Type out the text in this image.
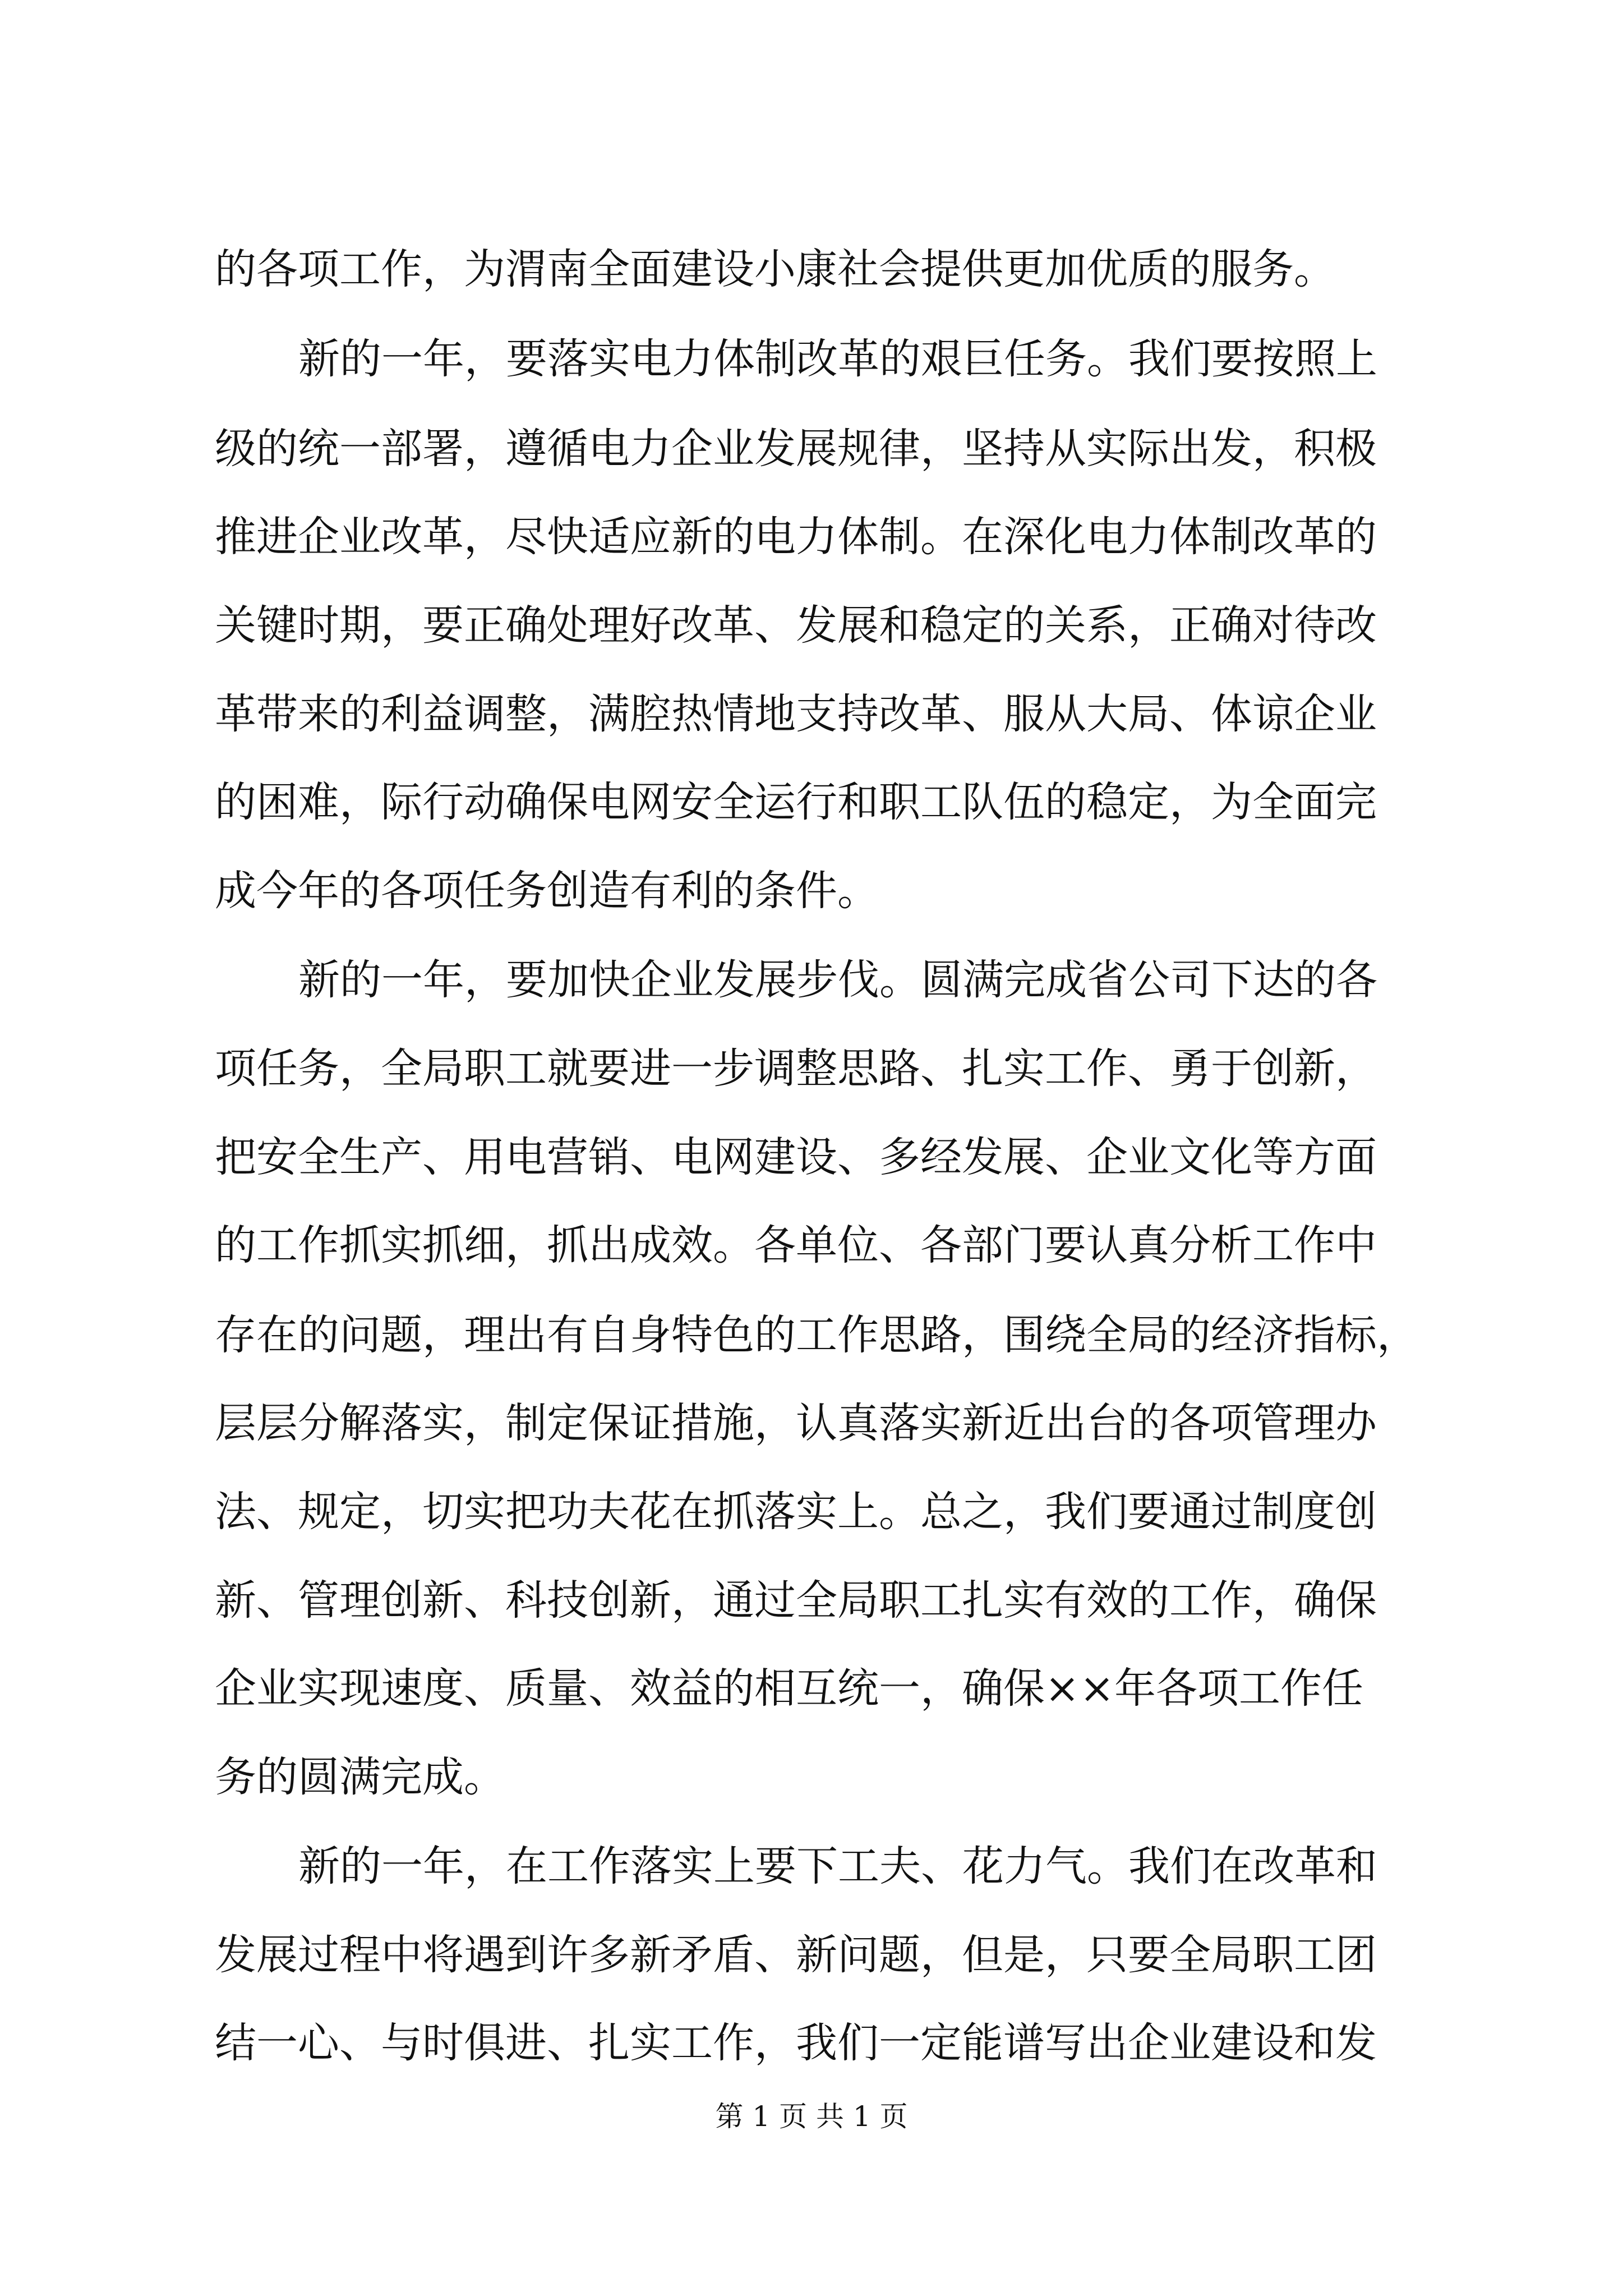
的各项工作，为渭南全面建设小康社会提供更加优质的服务。
新的一年，要落实电力体制改革的艰巨任务。我们要按照上
级的统一部署，遵循电力企业发展规律，坚持从实际出发，积极
推进企业改革，尽快适应新的电力体制。在深化电力体制改革的
关键时期，要正确处理好改革、发展和稳定的关系，正确对待改
革带来的利益调整，满腔热情地支持改革、服从大局、体谅企业
的困难，际行动确保电网安全运行和职工队伍的稳定，为全面完
成今年的各项任务创造有利的条件。
新的一年，要加快企业发展步伐。圆满完成省公司下达的各
项任务，全局职工就要进一步调整思路、扎实工作、勇于创新，
把安全生产、用电营销、电网建设、多经发展、企业文化等方面
的工作抓实抓细，抓出成效。各单位、各部门要认真分析工作中
存在的问题，理出有自身特色的工作思路，围绕全局的经济指标，
层层分解落实，制定保证措施，认真落实新近出台的各项管理办
法、规定，切实把功夫花在抓落实上。总之，我们要通过制度创
新、管理创新、科技创新，通过全局职工扎实有效的工作，确保
企业实现速度、质量、效益的相互统一，确保××年各项工作任
务的圆满完成。
新的一年，在工作落实上要下工夫、花力气。我们在改革和
发展过程中将遇到许多新矛盾、新问题，但是，只要全局职工团
结一心、与时俱进、扎实工作，我们一定能谱写出企业建设和发
第 1 页 共 1 页
